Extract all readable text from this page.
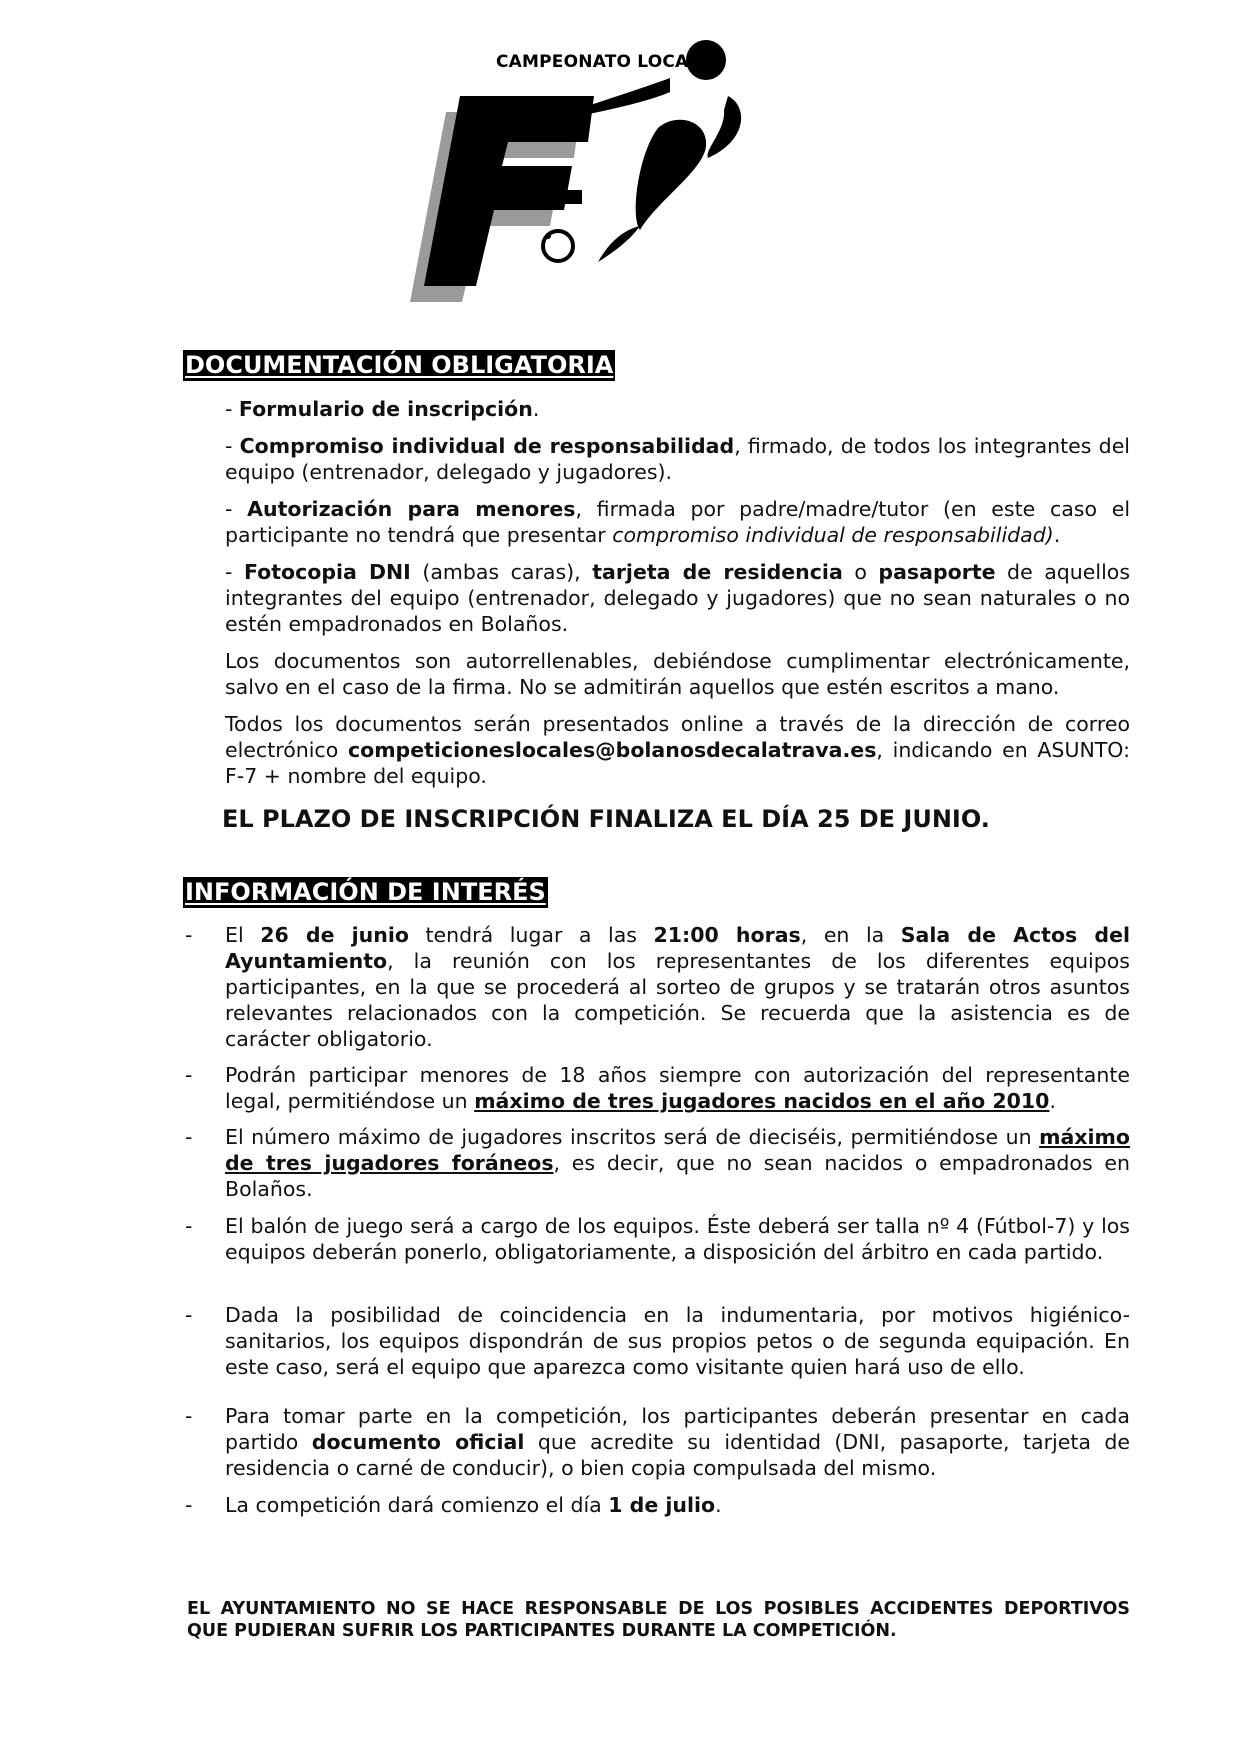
CAMPEONATO LOCAL
DOCUMENTACIÓN OBLIGATORIA
- Formulario de inscripción.
- Compromiso individual de responsabilidad, firmado, de todos los integrantes del equipo (entrenador, delegado y jugadores).
- Autorización para menores, firmada por padre/madre/tutor (en este caso el participante no tendrá que presentar compromiso individual de responsabilidad).
- Fotocopia DNI (ambas caras), tarjeta de residencia o pasaporte de aquellos integrantes del equipo (entrenador, delegado y jugadores) que no sean naturales o no estén empadronados en Bolaños.
Los documentos son autorrellenables, debiéndose cumplimentar electrónicamente, salvo en el caso de la firma. No se admitirán aquellos que estén escritos a mano.
Todos los documentos serán presentados online a través de la dirección de correo electrónico competicioneslocales@bolanosdecalatrava.es, indicando en ASUNTO: F-7 + nombre del equipo.
EL PLAZO DE INSCRIPCIÓN FINALIZA EL DÍA 25 DE JUNIO.
INFORMACIÓN DE INTERÉS
-	El 26 de junio tendrá lugar a las 21:00 horas, en la Sala de Actos del Ayuntamiento, la reunión con los representantes de los diferentes equipos participantes, en la que se procederá al sorteo de grupos y se tratarán otros asuntos relevantes relacionados con la competición. Se recuerda que la asistencia es de carácter obligatorio.
-	Podrán participar menores de 18 años siempre con autorización del representante legal, permitiéndose un máximo de tres jugadores nacidos en el año 2010.
-	El número máximo de jugadores inscritos será de dieciséis, permitiéndose un máximo de tres jugadores foráneos, es decir, que no sean nacidos o empadronados en Bolaños.
-	El balón de juego será a cargo de los equipos. Éste deberá ser talla nº 4 (Fútbol-7) y los equipos deberán ponerlo, obligatoriamente, a disposición del árbitro en cada partido.
-	Dada la posibilidad de coincidencia en la indumentaria, por motivos higiénico-sanitarios, los equipos dispondrán de sus propios petos o de segunda equipación. En este caso, será el equipo que aparezca como visitante quien hará uso de ello.
-	Para tomar parte en la competición, los participantes deberán presentar en cada partido documento oficial que acredite su identidad (DNI, pasaporte, tarjeta de residencia o carné de conducir), o bien copia compulsada del mismo.
-	La competición dará comienzo el día 1 de julio.
EL AYUNTAMIENTO NO SE HACE RESPONSABLE DE LOS POSIBLES ACCIDENTES DEPORTIVOS QUE PUDIERAN SUFRIR LOS PARTICIPANTES DURANTE LA COMPETICIÓN.
